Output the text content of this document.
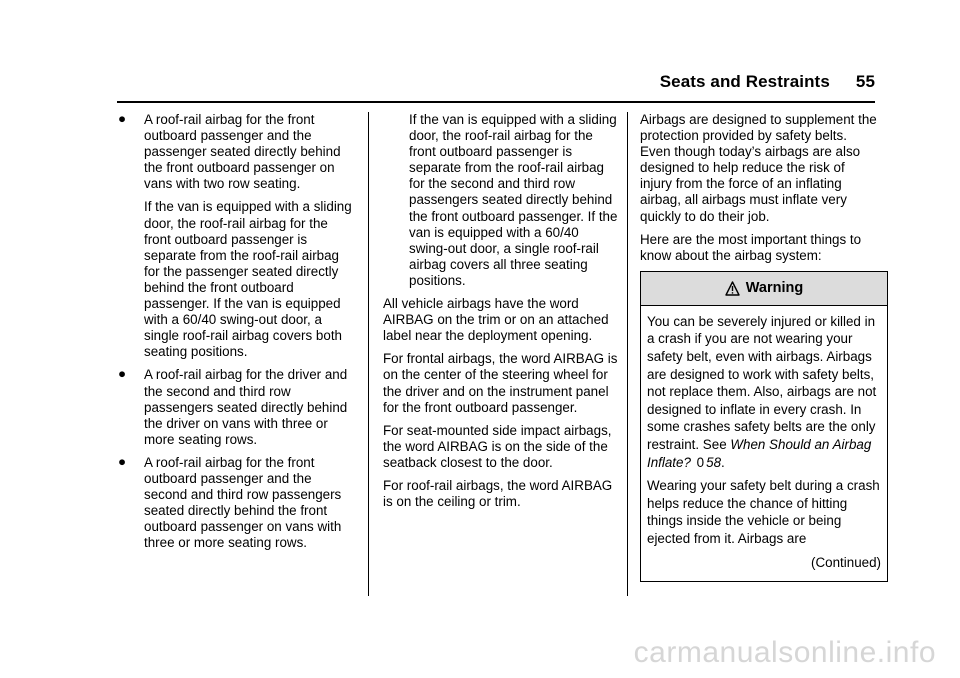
Seats and Restraints 55
● A roof-rail airbag for the front outboard passenger and the passenger seated directly behind the front outboard passenger on vans with two row seating.

If the van is equipped with a sliding door, the roof-rail airbag for the front outboard passenger is separate from the roof-rail airbag for the passenger seated directly behind the front outboard passenger. If the van is equipped with a 60/40 swing-out door, a single roof-rail airbag covers both seating positions.

● A roof-rail airbag for the driver and the second and third row passengers seated directly behind the driver on vans with three or more seating rows.

● A roof-rail airbag for the front outboard passenger and the second and third row passengers seated directly behind the front outboard passenger on vans with three or more seating rows.

If the van is equipped with a sliding door, the roof-rail airbag for the front outboard passenger is separate from the roof-rail airbag for the second and third row passengers seated directly behind the front outboard passenger. If the van is equipped with a 60/40 swing-out door, a single roof-rail airbag covers all three seating positions.

All vehicle airbags have the word AIRBAG on the trim or on an attached label near the deployment opening.

For frontal airbags, the word AIRBAG is on the center of the steering wheel for the driver and on the instrument panel for the front outboard passenger.

For seat-mounted side impact airbags, the word AIRBAG is on the side of the seatback closest to the door.

For roof-rail airbags, the word AIRBAG is on the ceiling or trim.

Airbags are designed to supplement the protection provided by safety belts. Even though today’s airbags are also designed to help reduce the risk of injury from the force of an inflating airbag, all airbags must inflate very quickly to do their job.

Here are the most important things to know about the airbag system:

Warning

You can be severely injured or killed in a crash if you are not wearing your safety belt, even with airbags. Airbags are designed to work with safety belts, not replace them. Also, airbags are not designed to inflate in every crash. In some crashes safety belts are the only restraint. See When Should an Airbag Inflate? 0 58.

Wearing your safety belt during a crash helps reduce the chance of hitting things inside the vehicle or being ejected from it. Airbags are

(Continued)

carmanualsonline.info
